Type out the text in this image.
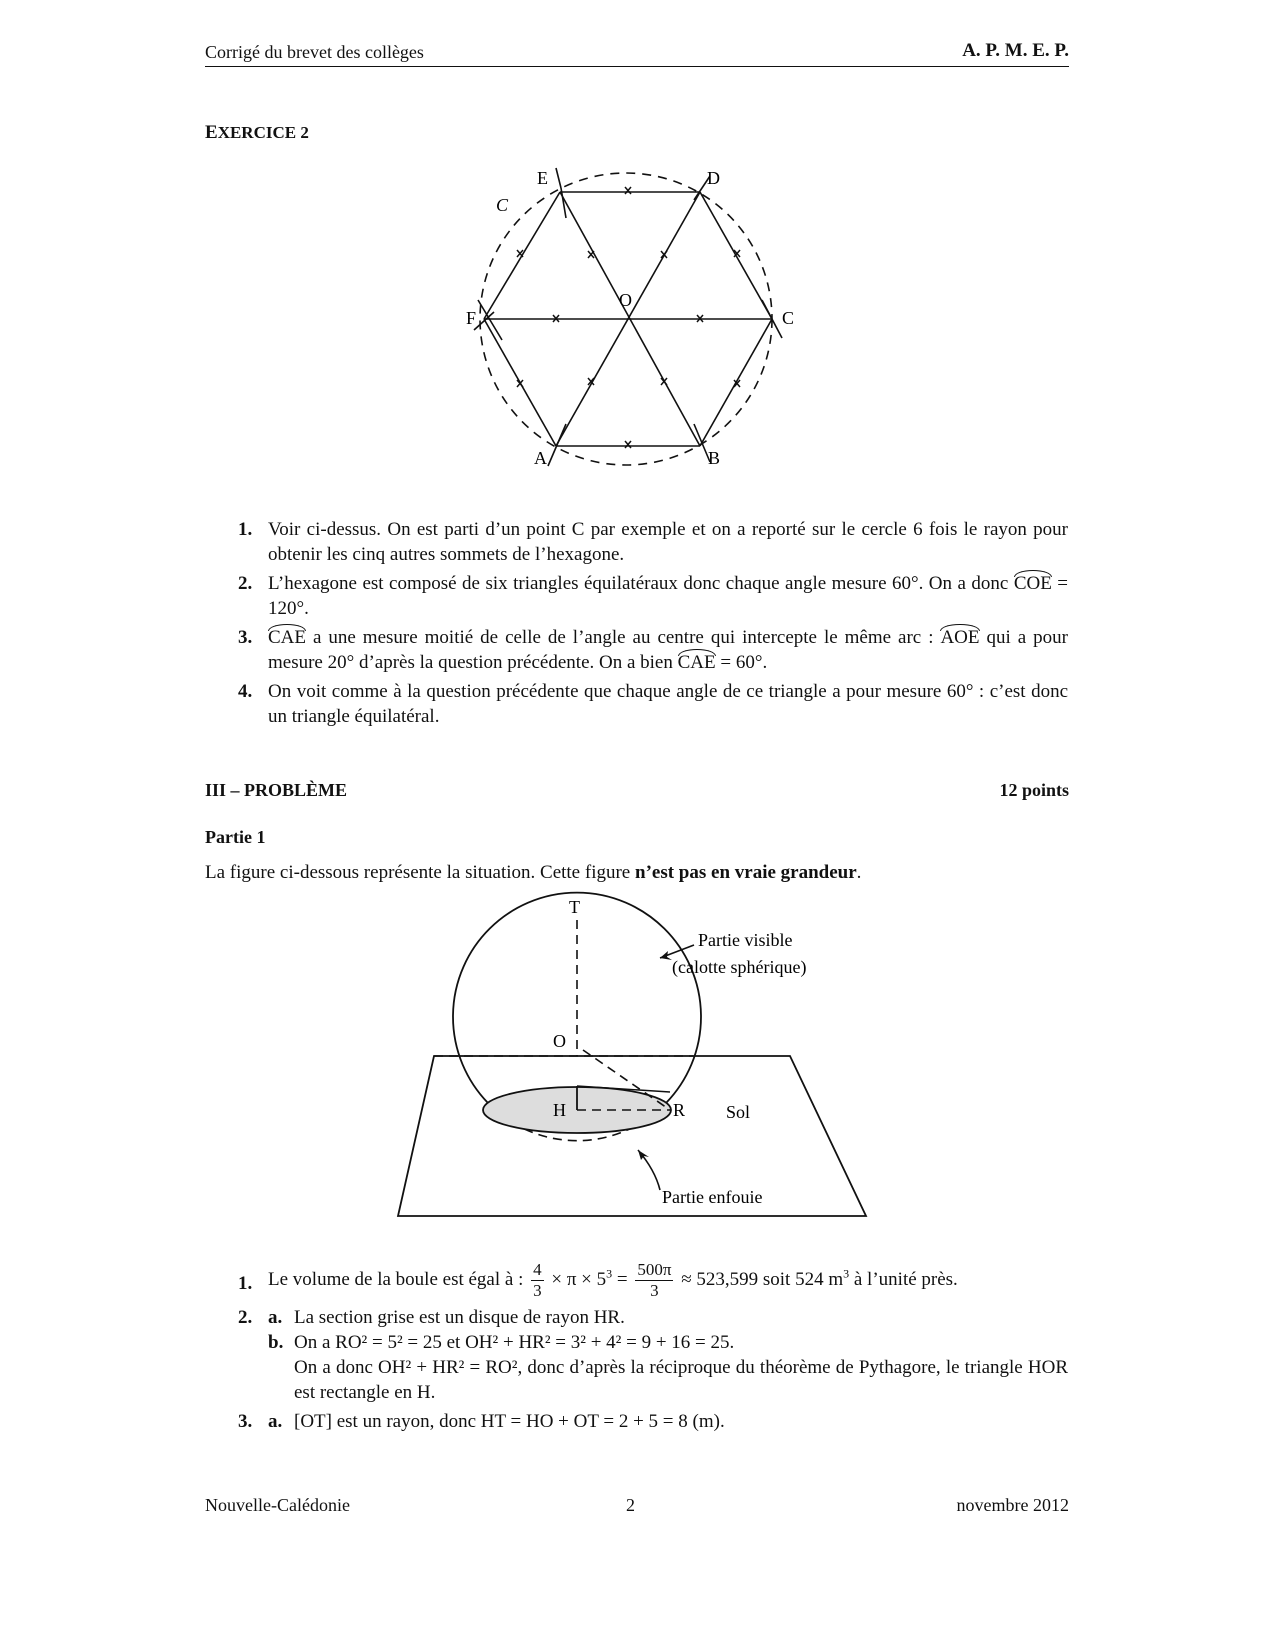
Corrigé du brevet des collèges	A. P. M. E. P.
EXERCICE 2
C
E	D
F
O
C
A	B
1. Voir ci-dessus. On est parti d’un point C par exemple et on a reporté sur le cercle 6 fois le rayon pour obtenir les cinq autres sommets de l’hexagone.
2. L’hexagone est composé de six triangles équilatéraux donc chaque angle mesure 60°. On a donc COE = 120°.
3. CAE a une mesure moitié de celle de l’angle au centre qui intercepte le même arc : AOE qui a pour mesure 20° d’après la question précédente. On a bien CAE = 60°.
4. On voit comme à la question précédente que chaque angle de ce triangle a pour mesure 60° : c’est donc un triangle équilatéral.
III – PROBLÈME	12 points
Partie 1
La figure ci-dessous représente la situation. Cette figure n’est pas en vraie grandeur.
T
O
H	R
Partie visible
(calotte sphérique)
Sol
Partie enfouie
1. Le volume de la boule est égal à : $\frac{4}{3} \times \pi \times 5^3 = \frac{500\pi}{3} \approx 523,599$ soit 524 $m^3$ à l’unité près.
2. a. La section grise est un disque de rayon HR.
b. On a RO² = 5² = 25 et OH² + HR² = 3² + 4² = 9 + 16 = 25.
On a donc OH² + HR² = RO², donc d’après la réciproque du théorème de Pythagore, le triangle HOR est rectangle en H.
3. a. [OT] est un rayon, donc HT = HO + OT = 2 + 5 = 8 (m).
Nouvelle-Calédonie	2	novembre 2012
